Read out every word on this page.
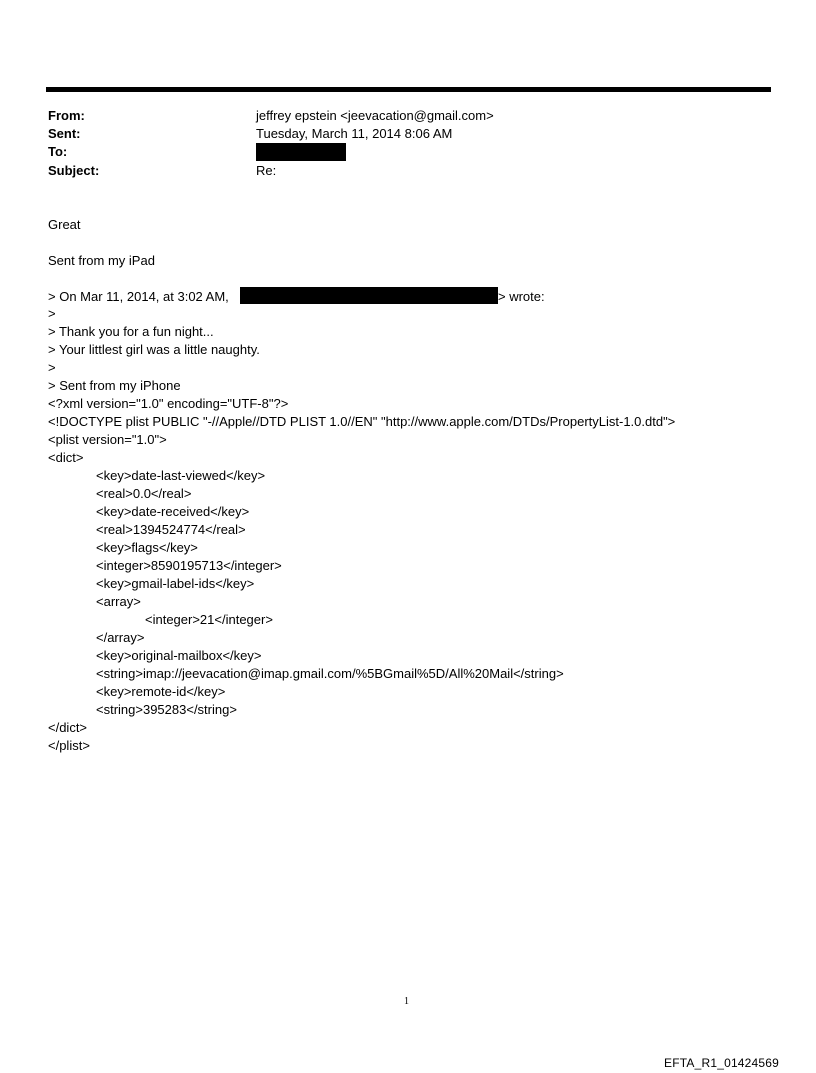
From:	jeffrey epstein <jeevacation@gmail.com>
Sent:	Tuesday, March 11, 2014 8:06 AM
To:
Subject:	Re:
Great
Sent from my iPad
> On Mar 11, 2014, at 3:02 AM,	> wrote:
>
> Thank you for a fun night...
> Your littlest girl was a little naughty.
>
> Sent from my iPhone
<?xml version="1.0" encoding="UTF-8"?>
<!DOCTYPE plist PUBLIC "-//Apple//DTD PLIST 1.0//EN" "http://www.apple.com/DTDs/PropertyList-1.0.dtd">
<plist version="1.0">
<dict>
<key>date-last-viewed</key>
<real>0.0</real>
<key>date-received</key>
<real>1394524774</real>
<key>flags</key>
<integer>8590195713</integer>
<key>gmail-label-ids</key>
<array>
<integer>21</integer>
</array>
<key>original-mailbox</key>
<string>imap://jeevacation@imap.gmail.com/%5BGmail%5D/All%20Mail</string>
<key>remote-id</key>
<string>395283</string>
</dict>
</plist>
1
EFTA_R1_01424569
